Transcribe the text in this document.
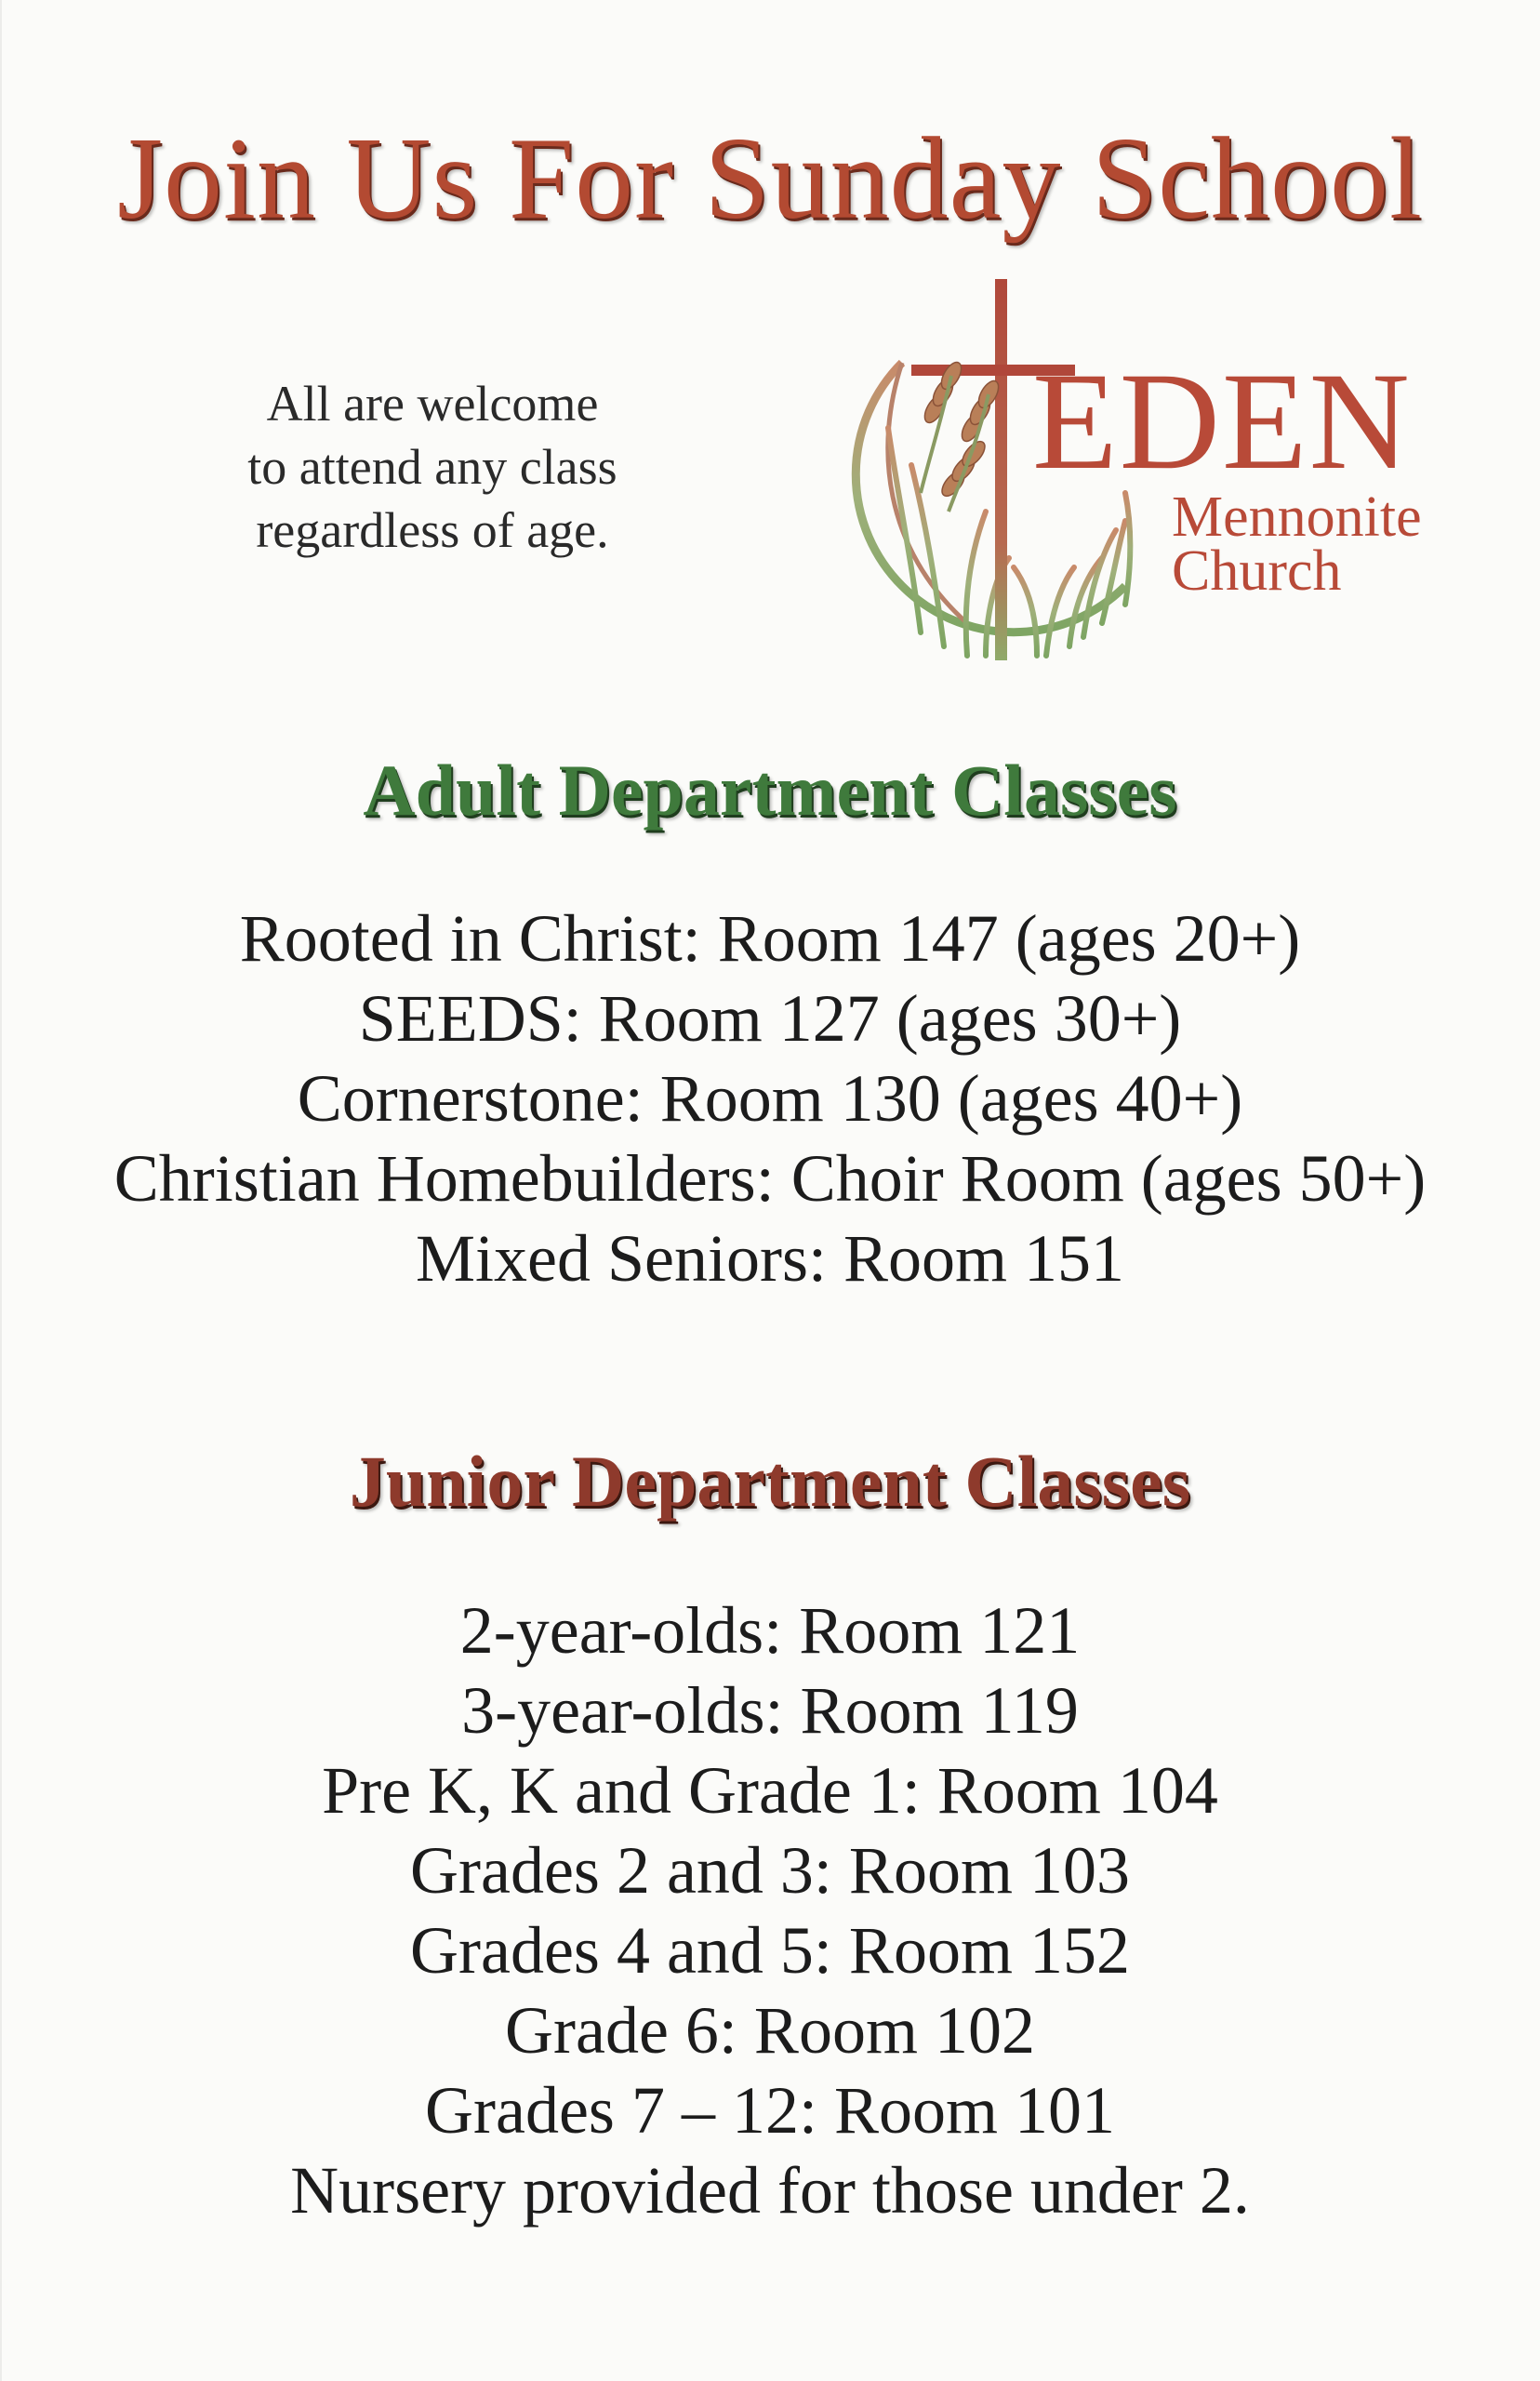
Join Us For Sunday School
All are welcome
to attend any class
regardless of age.
EDEN
Mennonite
Church
Adult Department Classes
Rooted in Christ: Room 147 (ages 20+)
SEEDS: Room 127 (ages 30+)
Cornerstone: Room 130 (ages 40+)
Christian Homebuilders: Choir Room (ages 50+)
Mixed Seniors: Room 151
Junior Department Classes
2-year-olds: Room 121
3-year-olds: Room 119
Pre K, K and Grade 1: Room 104
Grades 2 and 3: Room 103
Grades 4 and 5: Room 152
Grade 6: Room 102
Grades 7 – 12: Room 101
Nursery provided for those under 2.
